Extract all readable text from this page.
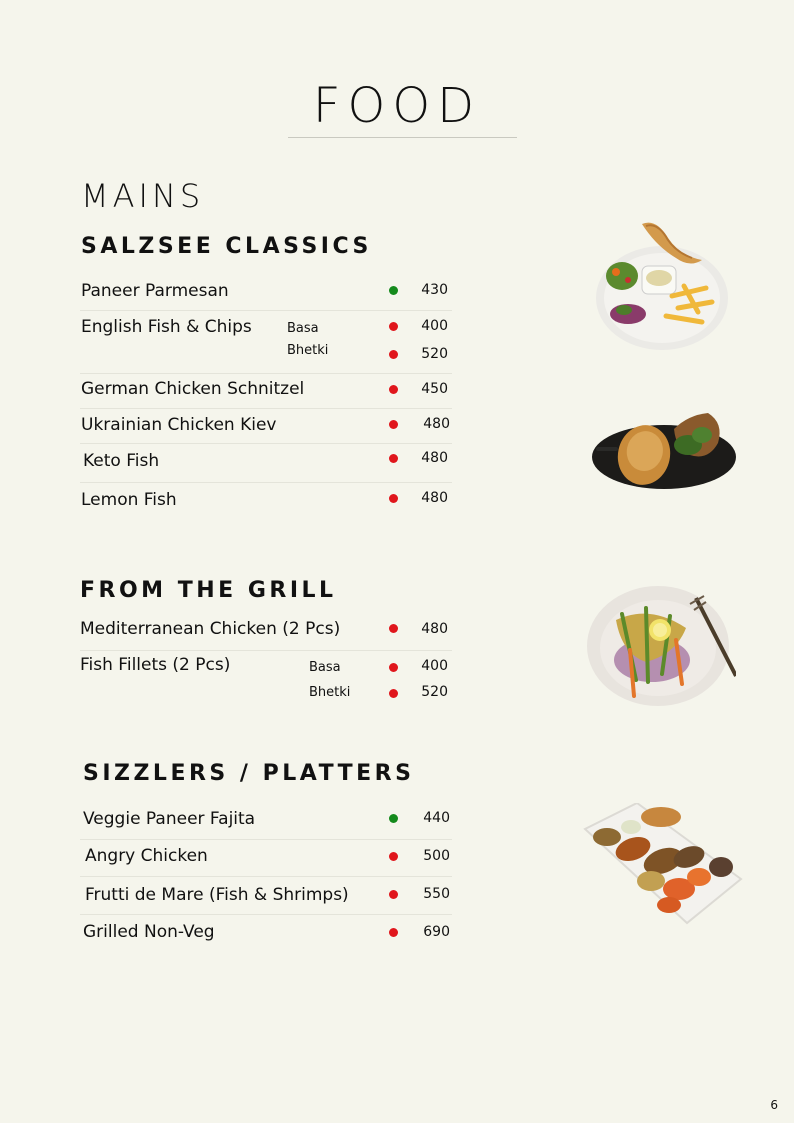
FOOD
MAINS
SALZSEE CLASSICS
Paneer Parmesan	430
English Fish & Chips	Basa	400
Bhetki	520
German Chicken Schnitzel	450
Ukrainian Chicken Kiev	480
Keto Fish	480
Lemon Fish	480
FROM THE GRILL
Mediterranean Chicken (2 Pcs)	480
Fish Fillets (2 Pcs)	Basa	400
Bhetki	520
SIZZLERS / PLATTERS
Veggie Paneer Fajita	440
Angry Chicken	500
Frutti de Mare (Fish & Shrimps)	550
Grilled Non-Veg	690
6
